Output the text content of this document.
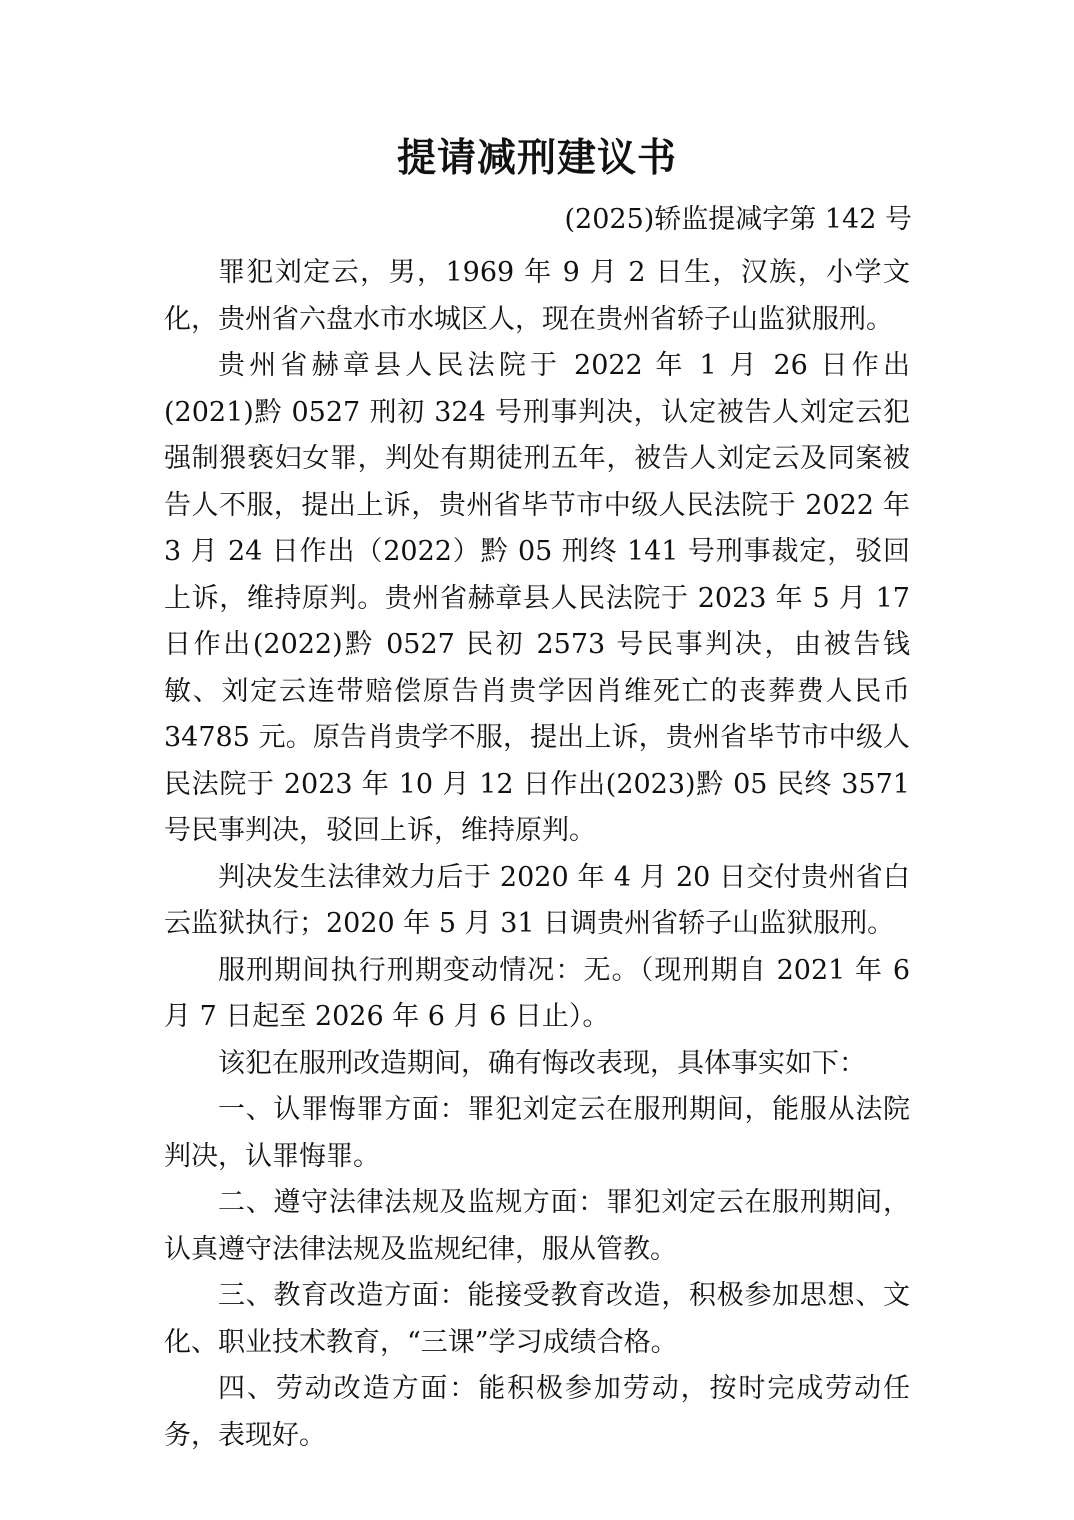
提请减刑建议书
(2025)轿监提减字第 142 号

罪犯刘定云，男，1969 年 9 月 2 日生，汉族，小学文化，贵州省六盘水市水城区人，现在贵州省轿子山监狱服刑。

贵州省赫章县人民法院于 2022 年 1 月 26 日作出(2021)黔 0527 刑初 324 号刑事判决，认定被告人刘定云犯强制猥亵妇女罪，判处有期徒刑五年，被告人刘定云及同案被告人不服，提出上诉，贵州省毕节市中级人民法院于 2022 年 3 月 24 日作出（2022）黔 05 刑终 141 号刑事裁定，驳回上诉，维持原判。贵州省赫章县人民法院于 2023 年 5 月 17 日作出(2022)黔 0527 民初 2573 号民事判决，由被告钱敏、刘定云连带赔偿原告肖贵学因肖维死亡的丧葬费人民币 34785 元。原告肖贵学不服，提出上诉，贵州省毕节市中级人民法院于 2023 年 10 月 12 日作出(2023)黔 05 民终 3571 号民事判决，驳回上诉，维持原判。

判决发生法律效力后于 2020 年 4 月 20 日交付贵州省白云监狱执行；2020 年 5 月 31 日调贵州省轿子山监狱服刑。

服刑期间执行刑期变动情况：无。（现刑期自 2021 年 6 月 7 日起至 2026 年 6 月 6 日止）。

该犯在服刑改造期间，确有悔改表现，具体事实如下：

一、认罪悔罪方面：罪犯刘定云在服刑期间，能服从法院判决，认罪悔罪。

二、遵守法律法规及监规方面：罪犯刘定云在服刑期间，认真遵守法律法规及监规纪律，服从管教。

三、教育改造方面：能接受教育改造，积极参加思想、文化、职业技术教育，“三课”学习成绩合格。

四、劳动改造方面：能积极参加劳动，按时完成劳动任务，表现好。
